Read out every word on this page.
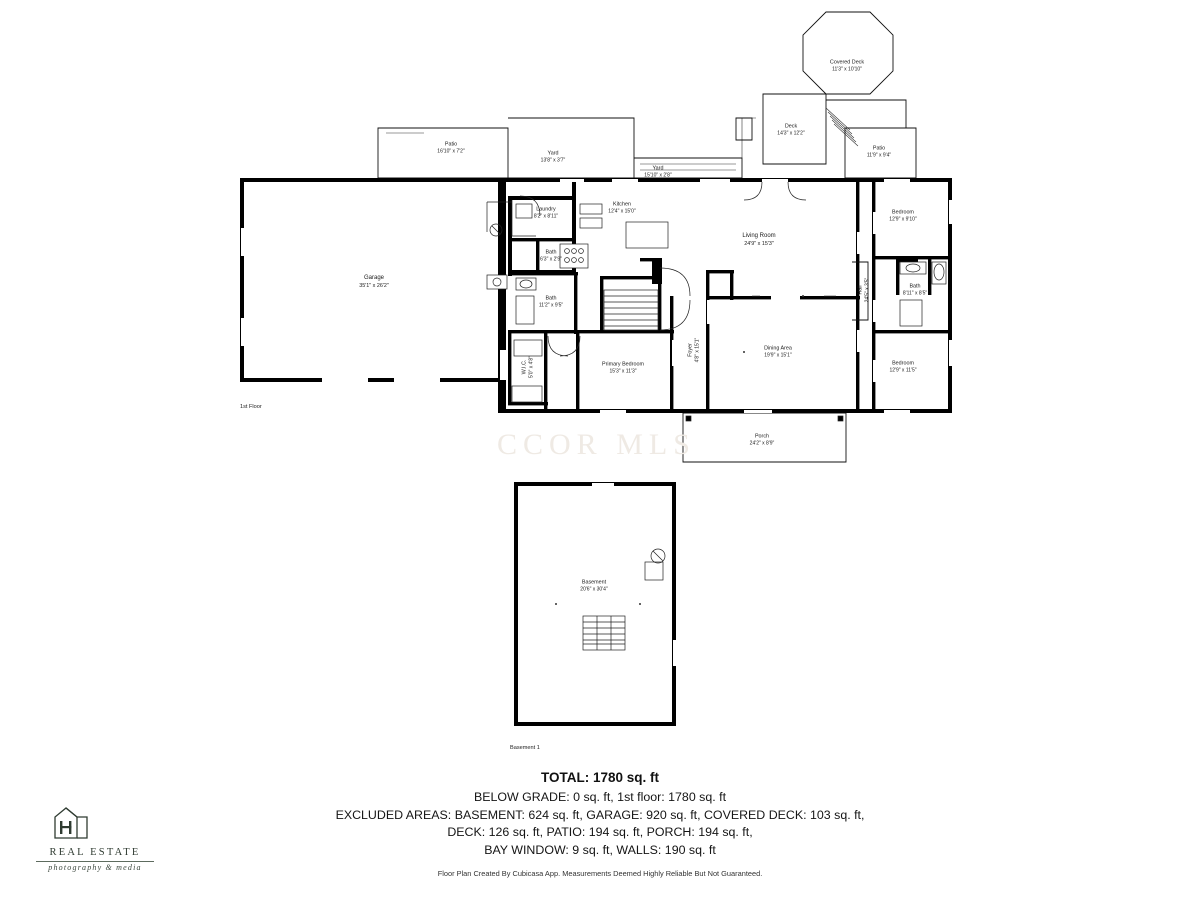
CCOR MLS
Covered Deck
11'3" x 10'10"
Deck
14'3" x 12'2"
Patio
11'9" x 9'4"
Patio
16'10" x 7'2"	Yard
13'8" x 3'7"
Yard
15'10" x 2'8"
Kitchen
12'4" x 15'0"
Laundry
8'2" x 8'11"
Bath
6'3" x 2'9"
Bath
11'2" x 9'5"
Garage
35'1" x 26'2"
Living Room
24'9" x 15'3"
Bedroom
12'9" x 9'10"
Bath
8'11" x 8'5"
Bedroom
12'9" x 11'5"
Dining Area
19'9" x 15'1"
Primary Bedroom
15'3" x 11'3"
Foyer 4'8" x 15'1"
W.I.C. 5'0" x 4'8"
Hall 24'5" x 3'5"
Porch
24'2" x 8'9"
Basement
20'6" x 30'4"
1st Floor
Basement 1
TOTAL: 1780 sq. ft
BELOW GRADE: 0 sq. ft, 1st floor: 1780 sq. ft
EXCLUDED AREAS: BASEMENT: 624 sq. ft, GARAGE: 920 sq. ft, COVERED DECK: 103 sq. ft,
DECK: 126 sq. ft, PATIO: 194 sq. ft, PORCH: 194 sq. ft,
BAY WINDOW: 9 sq. ft, WALLS: 190 sq. ft
Floor Plan Created By Cubicasa App. Measurements Deemed Highly Reliable But Not Guaranteed.
REAL ESTATE
photography & media
